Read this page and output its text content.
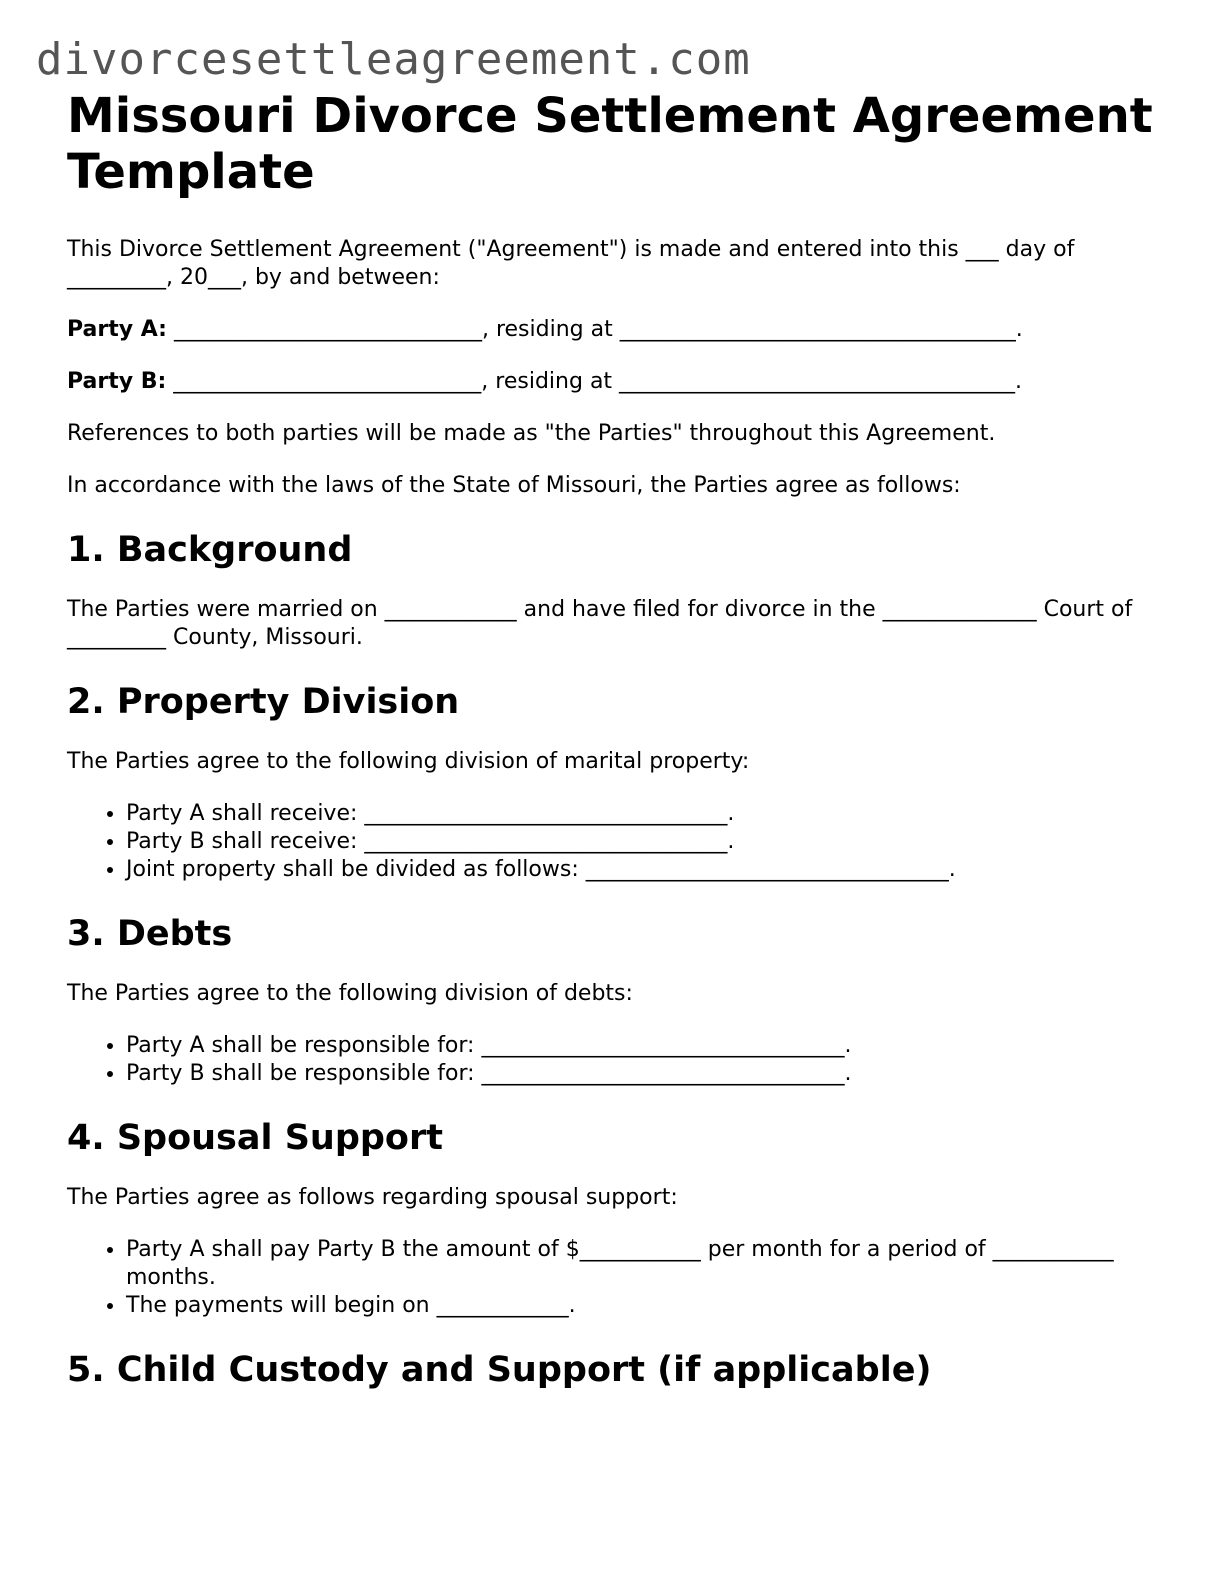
divorcesettleagreement.com
Missouri Divorce Settlement Agreement Template

This Divorce Settlement Agreement ("Agreement") is made and entered into this ___ day of _________, 20___, by and between:

Party A: ____________________________, residing at ____________________________________.

Party B: ____________________________, residing at ____________________________________.

References to both parties will be made as "the Parties" throughout this Agreement.

In accordance with the laws of the State of Missouri, the Parties agree as follows:

1. Background

The Parties were married on ____________ and have filed for divorce in the ______________ Court of _________ County, Missouri.

2. Property Division

The Parties agree to the following division of marital property:

• Party A shall receive: _________________________________.
• Party B shall receive: _________________________________.
• Joint property shall be divided as follows: _________________________________.
3. Debts

The Parties agree to the following division of debts:

• Party A shall be responsible for: _________________________________.
• Party B shall be responsible for: _________________________________.
4. Spousal Support

The Parties agree as follows regarding spousal support:

• Party A shall pay Party B the amount of $___________ per month for a period of ___________ months.
• The payments will begin on ____________.
5. Child Custody and Support (if applicable)
